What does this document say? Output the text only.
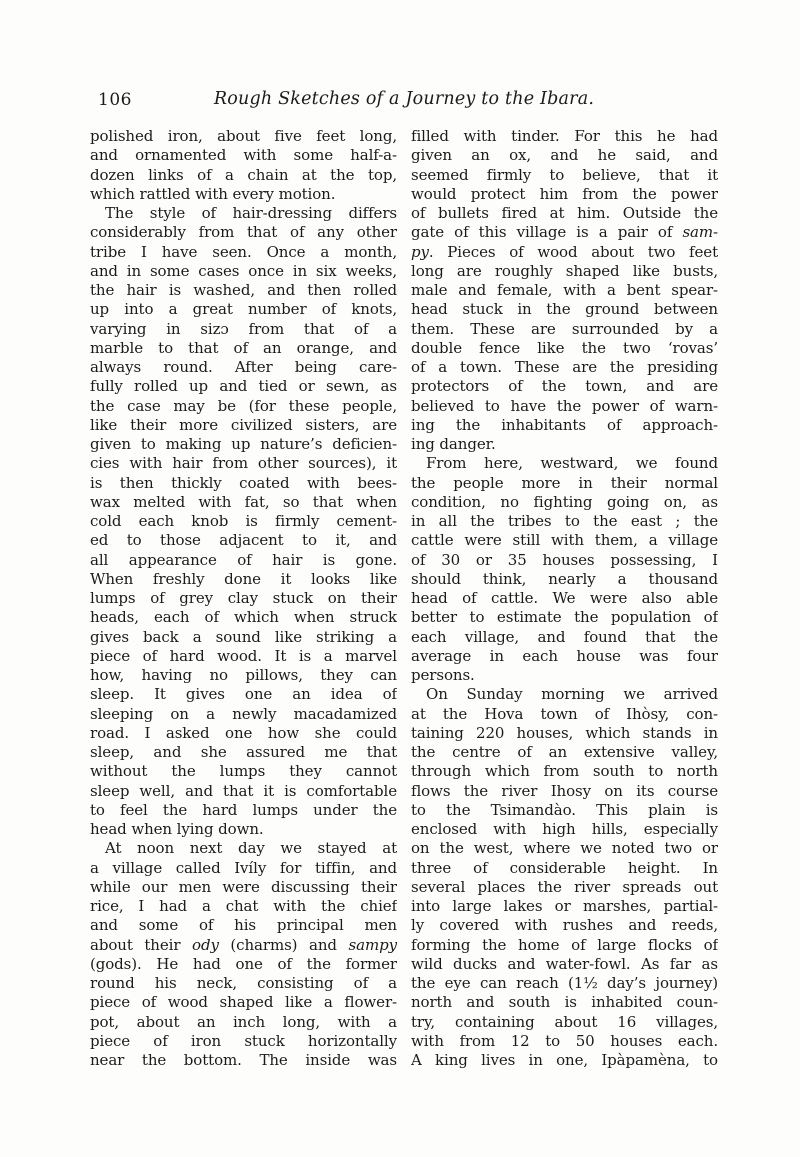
106	Rough Sketches of a Journey to the Ibara.
polished iron, about five feet long,
and ornamented with some half-a-
dozen links of a chain at the top,
which rattled with every motion.
The style of hair-dressing differs
considerably from that of any other
tribe I have seen. Once a month,
and in some cases once in six weeks,
the hair is washed, and then rolled
up into a great number of knots,
varying in sizɔ from that of a
marble to that of an orange, and
always round. After being care-
fully rolled up and tied or sewn, as
the case may be (for these people,
like their more civilized sisters, are
given to making up nature’s deficien-
cies with hair from other sources), it
is then thickly coated with bees-
wax melted with fat, so that when
cold each knob is firmly cement-
ed to those adjacent to it, and
all appearance of hair is gone.
When freshly done it looks like
lumps of grey clay stuck on their
heads, each of which when struck
gives back a sound like striking a
piece of hard wood. It is a marvel
how, having no pillows, they can
sleep. It gives one an idea of
sleeping on a newly macadamized
road. I asked one how she could
sleep, and she assured me that
without the lumps they cannot
sleep well, and that it is comfortable
to feel the hard lumps under the
head when lying down.
At noon next day we stayed at
a village called Ivíly for tiffin, and
while our men were discussing their
rice, I had a chat with the chief
and some of his principal men
about their ody (charms) and sampy
(gods). He had one of the former
round his neck, consisting of a
piece of wood shaped like a flower-
pot, about an inch long, with a
piece of iron stuck horizontally
near the bottom. The inside was
filled with tinder. For this he had
given an ox, and he said, and
seemed firmly to believe, that it
would protect him from the power
of bullets fired at him. Outside the
gate of this village is a pair of sam-
py. Pieces of wood about two feet
long are roughly shaped like busts,
male and female, with a bent spear-
head stuck in the ground between
them. These are surrounded by a
double fence like the two ‘rovas’
of a town. These are the presiding
protectors of the town, and are
believed to have the power of warn-
ing the inhabitants of approach-
ing danger.
From here, westward, we found
the people more in their normal
condition, no fighting going on, as
in all the tribes to the east ; the
cattle were still with them, a village
of 30 or 35 houses possessing, I
should think, nearly a thousand
head of cattle. We were also able
better to estimate the population of
each village, and found that the
average in each house was four
persons.
On Sunday morning we arrived
at the Hova town of Ihòsy, con-
taining 220 houses, which stands in
the centre of an extensive valley,
through which from south to north
flows the river Ihosy on its course
to the Tsimandào. This plain is
enclosed with high hills, especially
on the west, where we noted two or
three of considerable height. In
several places the river spreads out
into large lakes or marshes, partial-
ly covered with rushes and reeds,
forming the home of large flocks of
wild ducks and water-fowl. As far as
the eye can reach (1½ day’s journey)
north and south is inhabited coun-
try, containing about 16 villages,
with from 12 to 50 houses each.
A king lives in one, Ipàpamèna, to
